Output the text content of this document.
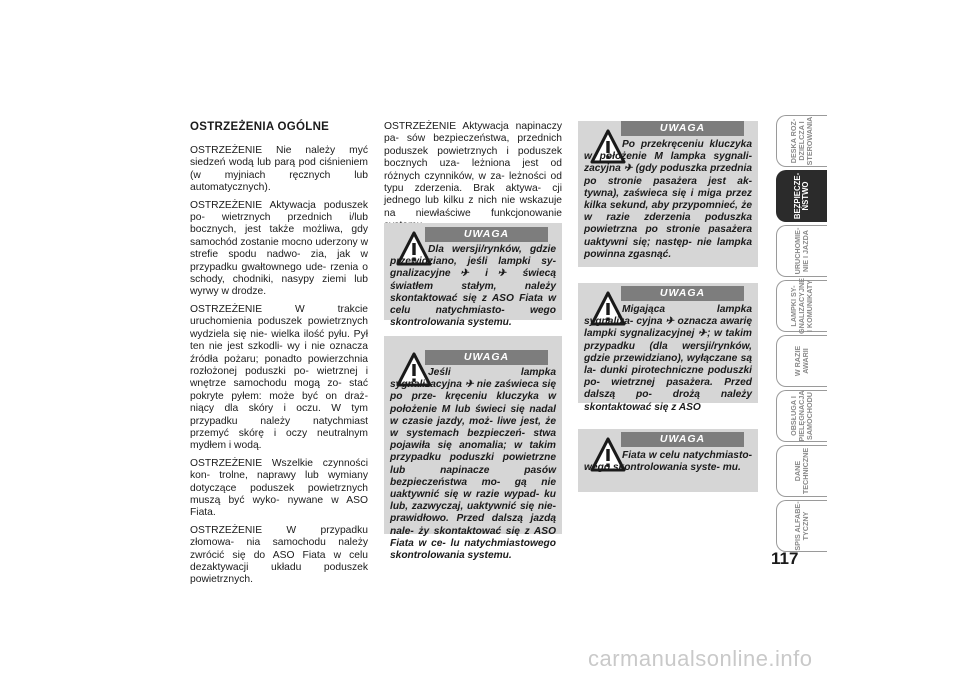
OSTRZEŻENIA OGÓLNE

OSTRZEŻENIE Nie należy myć siedzeń wodą lub parą pod ciśnieniem (w myjniach ręcznych lub automatycznych).

OSTRZEŻENIE Aktywacja poduszek po- wietrznych przednich i/lub bocznych, jest także możliwa, gdy samochód zostanie mocno uderzony w strefie spodu nadwo- zia, jak w przypadku gwałtownego ude- rzenia o schody, chodniki, nasypy ziemi lub wyrwy w drodze.

OSTRZEŻENIE W trakcie uruchomienia poduszek powietrznych wydziela się nie- wielka ilość pyłu. Pył ten nie jest szkodli- wy i nie oznacza źródła pożaru; ponadto powierzchnia rozłożonej poduszki po- wietrznej i wnętrze samochodu mogą zo- stać pokryte pyłem: może być on draż- niący dla skóry i oczu. W tym przypadku należy natychmiast przemyć skórę i oczy neutralnym mydłem i wodą.

OSTRZEŻENIE Wszelkie czynności kon- trolne, naprawy lub wymiany dotyczące poduszek powietrznych muszą być wyko- nywane w ASO Fiata.

OSTRZEŻENIE W przypadku złomowa- nia samochodu należy zwrócić się do ASO Fiata w celu dezaktywacji układu poduszek powietrznych.

OSTRZEŻENIE Aktywacja napinaczy pa- sów bezpieczeństwa, przednich poduszek powietrznych i poduszek bocznych uza- leżniona jest od różnych czynników, w za- leżności od typu zderzenia. Brak aktywa- cji jednego lub kilku z nich nie wskazuje na niewłaściwe funkcjonowanie

UWAGA
Dla wersji/rynków, gdzie przewidziano, jeśli lampki sy- gnalizacyjne ✈ i ✈ świecą światłem stałym, należy skontaktować się z ASO Fiata w celu natychmiasto- wego skontrolowania systemu.
UWAGA
Jeśli lampka sygnalizacyjna ✈ nie zaświeca się po prze- kręceniu kluczyka w położenie M lub świeci się nadal w czasie jazdy, moż- liwe jest, że w systemach bezpieczeń- stwa pojawiła się anomalia; w takim przypadku poduszki powietrzne lub napinacze pasów bezpieczeństwa mo- gą nie uaktywnić się w razie wypad- ku lub, zazwyczaj, uaktywnić się nie- prawidłowo. Przed dalszą jazdą nale- ży skontaktować się z ASO Fiata w ce- lu natychmiastowego skontrolowania systemu.
UWAGA
Po przekręceniu kluczyka w położenie M lampka sygnali- zacyjna ✈ (gdy poduszka przednia po stronie pasażera jest ak- tywna), zaświeca się i miga przez kilka sekund, aby przypomnieć, że w razie zderzenia poduszka powietrzna po stronie pasażera uaktywni się; następ- nie lampka powinna zgasnąć.
UWAGA
Migająca lampka sygnaliza- cyjna ✈ oznacza awarię lampki sygnalizacyjnej ✈; w takim przypadku (dla wersji/rynków, gdzie przewidziano), wyłączane są la- dunki pirotechniczne poduszki po- wietrznej pasażera. Przed dalszą po- drożą należy skontaktować się z ASO
UWAGA
Fiata w celu natychmiasto- wego skontrolowania syste- mu.
DESKA ROZ-
DZIELCZA I
STEROWANIA
BEZPIECZE-
ŃSTWO
URUCHOMIE-
NIE I JAZDA
LAMPKI SY-
GNALIZACYJNE
I KOMUNIKATY
W RAZIE
AWARII
OBSŁUGA I
PIELĘGNACJA
SAMOCHODU
DANE
TECHNICZNE
SPIS ALFABE-
TYCZNY
117
carmanualsonline.info
